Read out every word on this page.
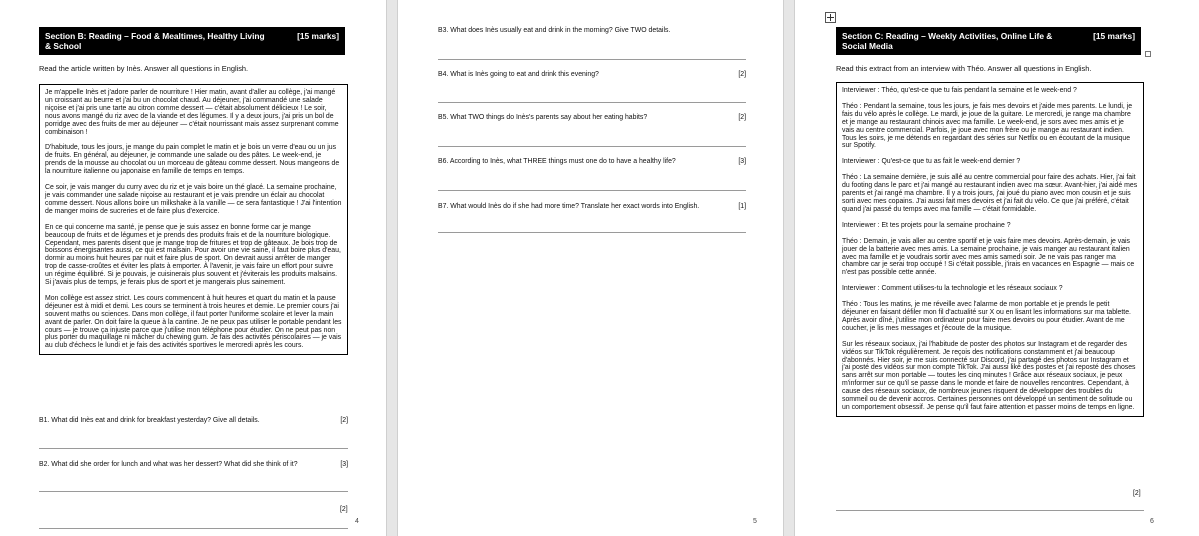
Section B: Reading – Food & Mealtimes, Healthy Living & School
[15 marks]
Read the article written by Inès. Answer all questions in English.

Je m'appelle Inès et j'adore parler de nourriture ! Hier matin, avant d'aller au collège, j'ai mangé un croissant au beurre et j'ai bu un chocolat chaud. Au déjeuner, j'ai commandé une salade niçoise et j'ai pris une tarte au citron comme dessert — c'était absolument délicieux ! Le soir, nous avons mangé du riz avec de la viande et des légumes. Il y a deux jours, j'ai pris un bol de porridge avec des fruits de mer au déjeuner — c'était nourrissant mais assez surprenant comme combinaison !

D'habitude, tous les jours, je mange du pain complet le matin et je bois un verre d'eau ou un jus de fruits. En général, au déjeuner, je commande une salade ou des pâtes. Le week-end, je prends de la mousse au chocolat ou un morceau de gâteau comme dessert. Nous mangeons de la nourriture italienne ou japonaise en famille de temps en temps.

Ce soir, je vais manger du curry avec du riz et je vais boire un thé glacé. La semaine prochaine, je vais commander une salade niçoise au restaurant et je vais prendre un éclair au chocolat comme dessert. Nous allons boire un milkshake à la vanille — ce sera fantastique ! J'ai l'intention de manger moins de sucreries et de faire plus d'exercice.

En ce qui concerne ma santé, je pense que je suis assez en bonne forme car je mange beaucoup de fruits et de légumes et je prends des produits frais et de la nourriture biologique. Cependant, mes parents disent que je mange trop de fritures et trop de gâteaux. Je bois trop de boissons énergisantes aussi, ce qui est malsain. Pour avoir une vie saine, il faut boire plus d'eau, dormir au moins huit heures par nuit et faire plus de sport. On devrait aussi arrêter de manger trop de casse-croûtes et éviter les plats à emporter. À l'avenir, je vais faire un effort pour suivre un régime équilibré. Si je pouvais, je cuisinerais plus souvent et j'éviterais les produits malsains. Si j'avais plus de temps, je ferais plus de sport et je mangerais plus sainement.

Mon collège est assez strict. Les cours commencent à huit heures et quart du matin et la pause déjeuner est à midi et demi. Les cours se terminent à trois heures et demie. Le premier cours j'ai souvent maths ou sciences. Dans mon collège, il faut porter l'uniforme scolaire et lever la main avant de parler. On doit faire la queue à la cantine. Je ne peux pas utiliser le portable pendant les cours — je trouve ça injuste parce que j'utilise mon téléphone pour étudier. On ne peut pas non plus porter du maquillage ni mâcher du chewing gum. Je fais des activités périscolaires — je vais au club d'échecs le lundi et je fais des activités sportives le mercredi après les cours.

B1. What did Inès eat and drink for breakfast yesterday? Give all details.	[2]
B2. What did she order for lunch and what was her dessert? What did she think of it?	[3]
[2]
4
B3. What does Inès usually eat and drink in the morning? Give TWO details.
B4. What is Inès going to eat and drink this evening?	[2]
B5. What TWO things do Inès's parents say about her eating habits?	[2]
B6. According to Inès, what THREE things must one do to have a healthy life?	[3]
B7. What would Inès do if she had more time? Translate her exact words into English.	[1]
5
Section C: Reading – Weekly Activities, Online Life & Social Media
[15 marks]
Read this extract from an interview with Théo. Answer all questions in English.

Interviewer : Théo, qu'est-ce que tu fais pendant la semaine et le week-end ?

Théo : Pendant la semaine, tous les jours, je fais mes devoirs et j'aide mes parents. Le lundi, je fais du vélo après le collège. Le mardi, je joue de la guitare. Le mercredi, je range ma chambre et je mange au restaurant chinois avec ma famille. Le week-end, je sors avec mes amis et je vais au centre commercial. Parfois, je joue avec mon frère ou je mange au restaurant indien. Tous les soirs, je me détends en regardant des séries sur Netflix ou en écoutant de la musique sur Spotify.

Interviewer : Qu'est-ce que tu as fait le week-end dernier ?

Théo : La semaine dernière, je suis allé au centre commercial pour faire des achats. Hier, j'ai fait du footing dans le parc et j'ai mangé au restaurant indien avec ma sœur. Avant-hier, j'ai aidé mes parents et j'ai rangé ma chambre. Il y a trois jours, j'ai joué du piano avec mon cousin et je suis sorti avec mes copains. J'ai aussi fait mes devoirs et j'ai fait du vélo. Ce que j'ai préféré, c'était quand j'ai passé du temps avec ma famille — c'était formidable.

Interviewer : Et tes projets pour la semaine prochaine ?

Théo : Demain, je vais aller au centre sportif et je vais faire mes devoirs. Après-demain, je vais jouer de la batterie avec mes amis. La semaine prochaine, je vais manger au restaurant italien avec ma famille et je voudrais sortir avec mes amis samedi soir. Je ne vais pas ranger ma chambre car je serai trop occupé ! Si c'était possible, j'irais en vacances en Espagne — mais ce n'est pas possible cette année.

Interviewer : Comment utilises-tu la technologie et les réseaux sociaux ?

Théo : Tous les matins, je me réveille avec l'alarme de mon portable et je prends le petit déjeuner en faisant défiler mon fil d'actualité sur X ou en lisant les informations sur ma tablette. Après avoir dîné, j'utilise mon ordinateur pour faire mes devoirs ou pour étudier. Avant de me coucher, je lis mes messages et j'écoute de la musique.

Sur les réseaux sociaux, j'ai l'habitude de poster des photos sur Instagram et de regarder des vidéos sur TikTok régulièrement. Je reçois des notifications constamment et j'ai beaucoup d'abonnés. Hier soir, je me suis connecté sur Discord, j'ai partagé des photos sur Instagram et j'ai posté des vidéos sur mon compte TikTok. J'ai aussi liké des postes et j'ai reposté des choses sans arrêt sur mon portable — toutes les cinq minutes ! Grâce aux réseaux sociaux, je peux m'informer sur ce qu'il se passe dans le monde et faire de nouvelles rencontres. Cependant, à cause des réseaux sociaux, de nombreux jeunes risquent de développer des troubles du sommeil ou de devenir accros. Certaines personnes ont développé un sentiment de solitude ou un comportement obsessif. Je pense qu'il faut faire attention et passer moins de temps en ligne.

[2]
6
